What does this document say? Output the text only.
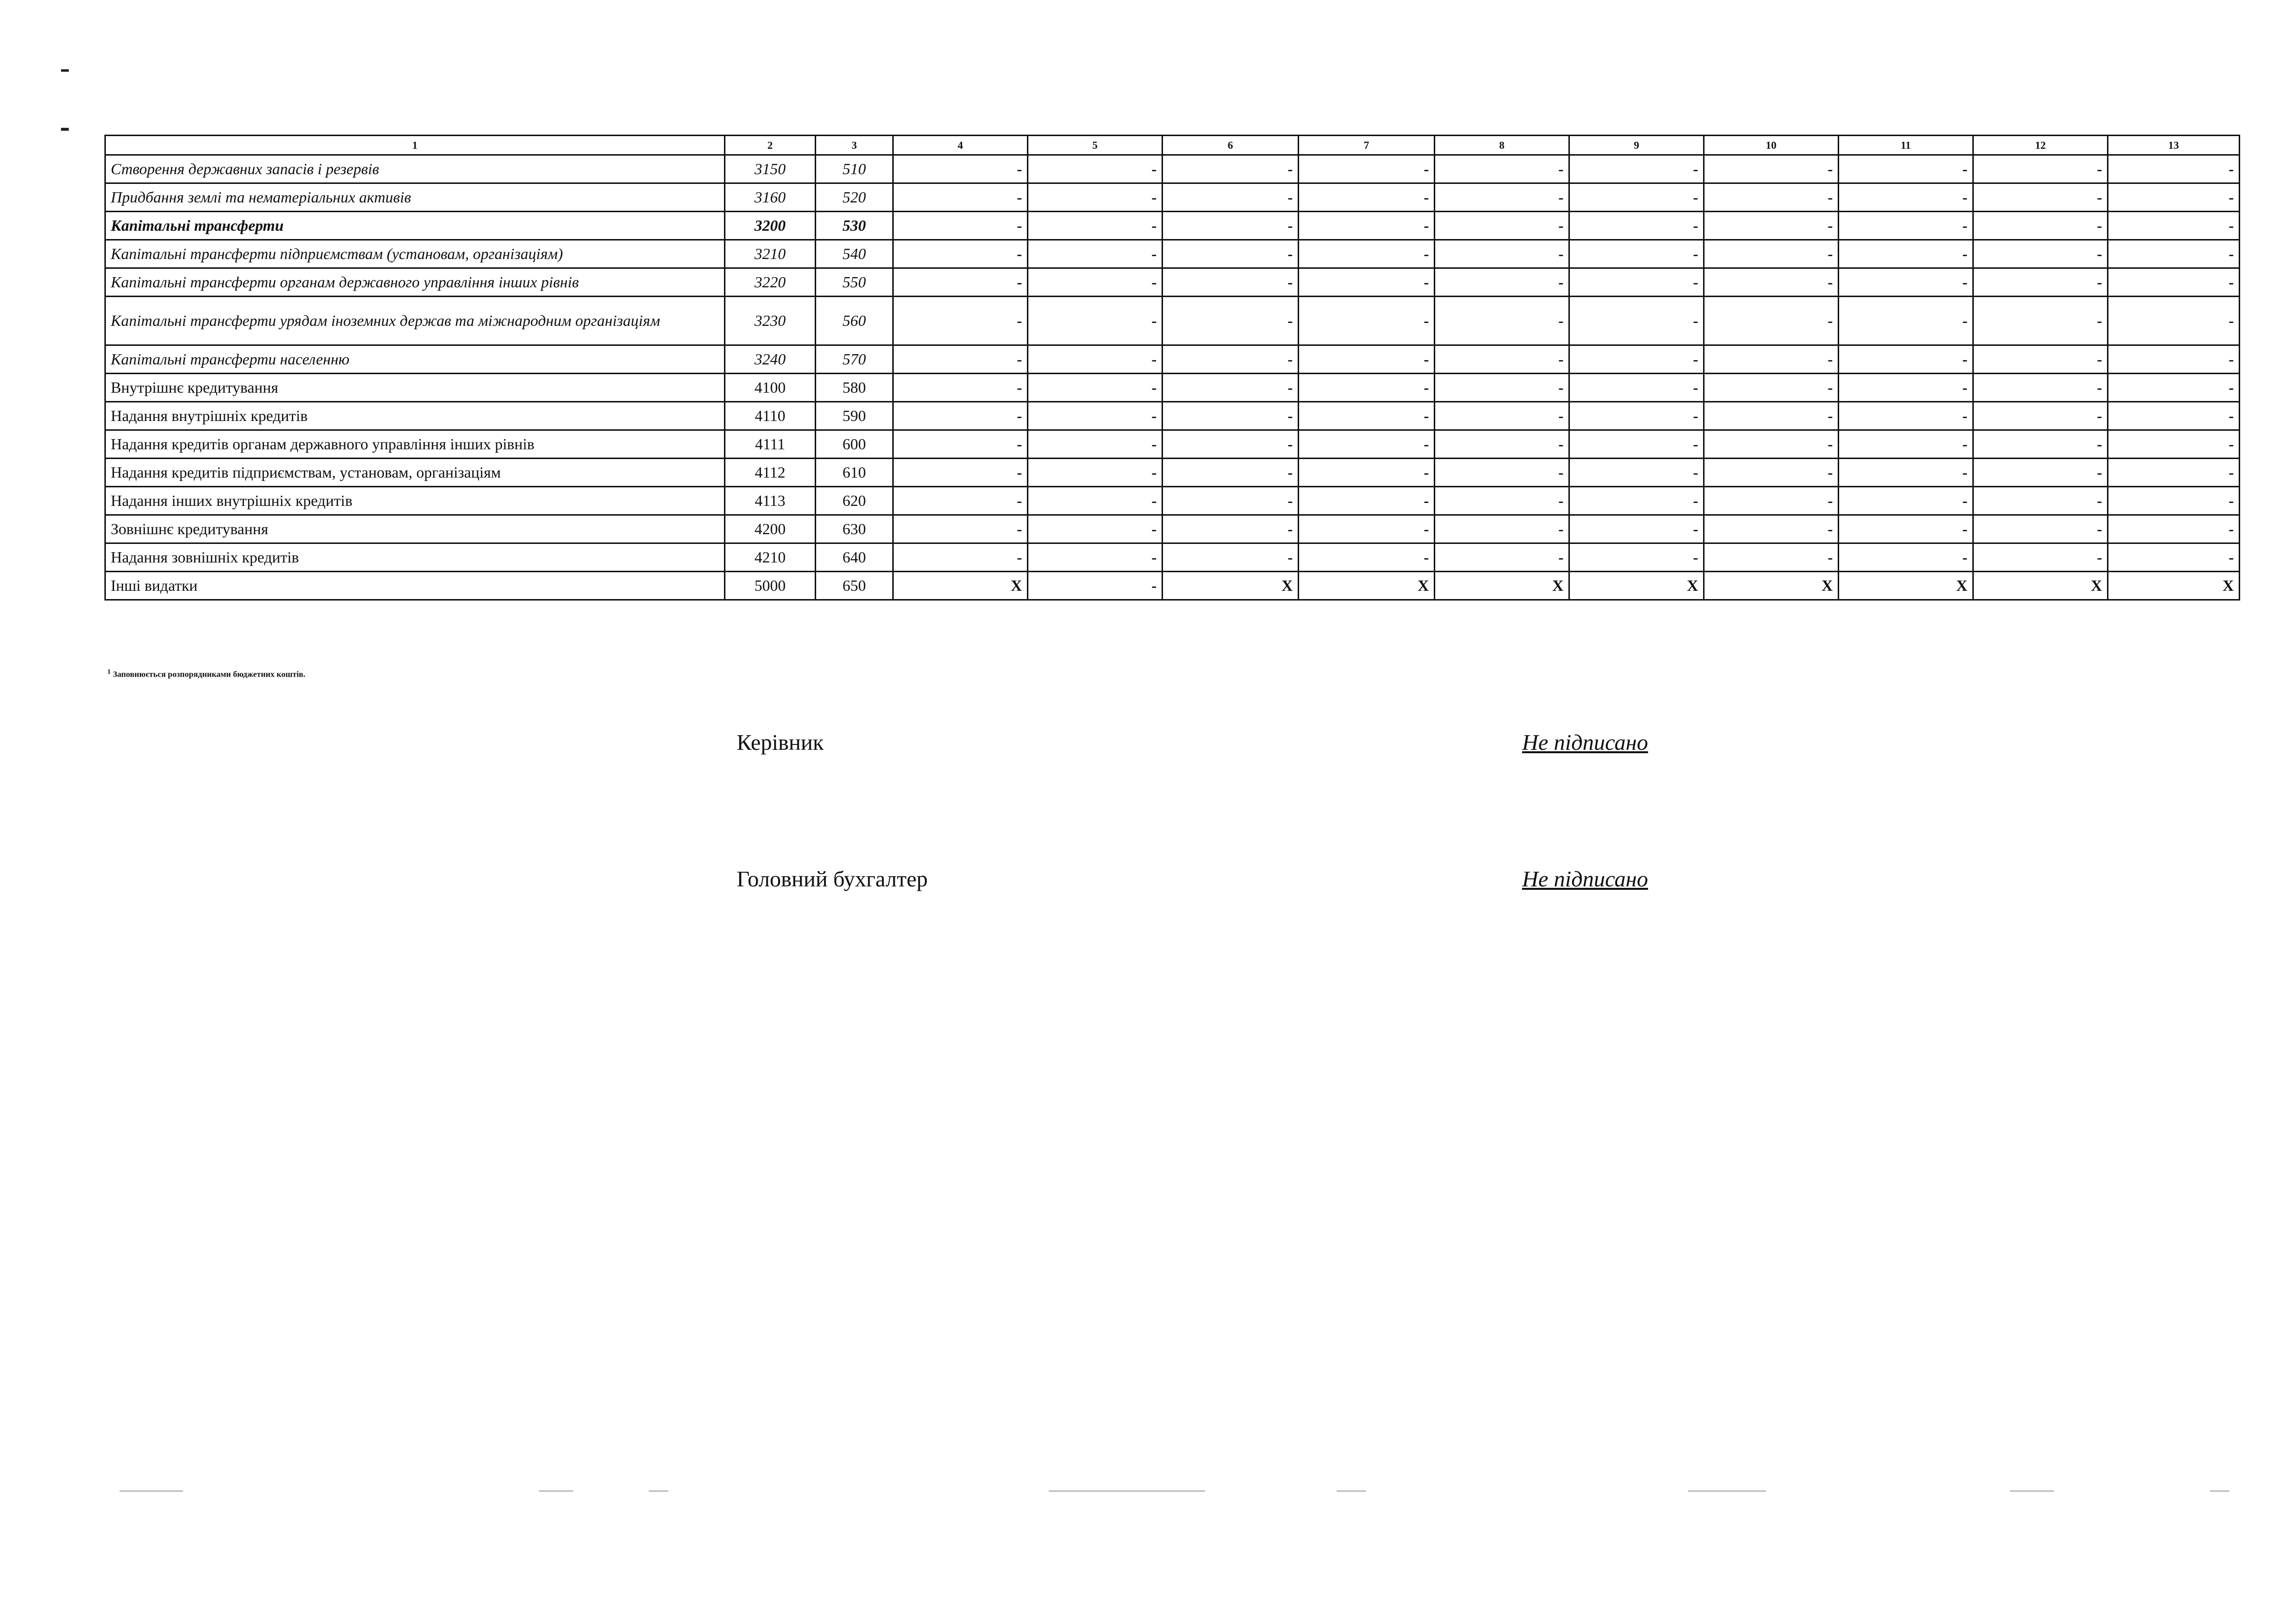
1	2	3	4	5	6	7	8	9	10	11	12	13
Створення державних запасів і резервів	3150	510	-	-	-	-	-	-	-	-	-	-
Придбання землі та нематеріальних активів	3160	520	-	-	-	-	-	-	-	-	-	-
Капітальні трансферти	3200	530	-	-	-	-	-	-	-	-	-	-
Капітальні трансферти підприємствам (установам, організаціям)	3210	540	-	-	-	-	-	-	-	-	-	-
Капітальні трансферти органам державного управління інших рівнів	3220	550	-	-	-	-	-	-	-	-	-	-
Капітальні трансферти урядам іноземних держав та міжнародним організаціям	3230	560	-	-	-	-	-	-	-	-	-	-
Капітальні трансферти населенню	3240	570	-	-	-	-	-	-	-	-	-	-
Внутрішнє кредитування	4100	580	-	-	-	-	-	-	-	-	-	-
Надання внутрішніх кредитів	4110	590	-	-	-	-	-	-	-	-	-	-
Надання кредитів органам державного управління інших рівнів	4111	600	-	-	-	-	-	-	-	-	-	-
Надання кредитів підприємствам, установам, організаціям	4112	610	-	-	-	-	-	-	-	-	-	-
Надання інших внутрішніх кредитів	4113	620	-	-	-	-	-	-	-	-	-	-
Зовнішнє кредитування	4200	630	-	-	-	-	-	-	-	-	-	-
Надання зовнішніх кредитів	4210	640	-	-	-	-	-	-	-	-	-	-
Інші видатки	5000	650	Х	-	Х	Х	Х	Х	Х	Х	Х	Х
$^1$ Заповнюється розпорядниками бюджетних коштів.
Керівник	Не підписано
Головний бухгалтер	Не підписано
